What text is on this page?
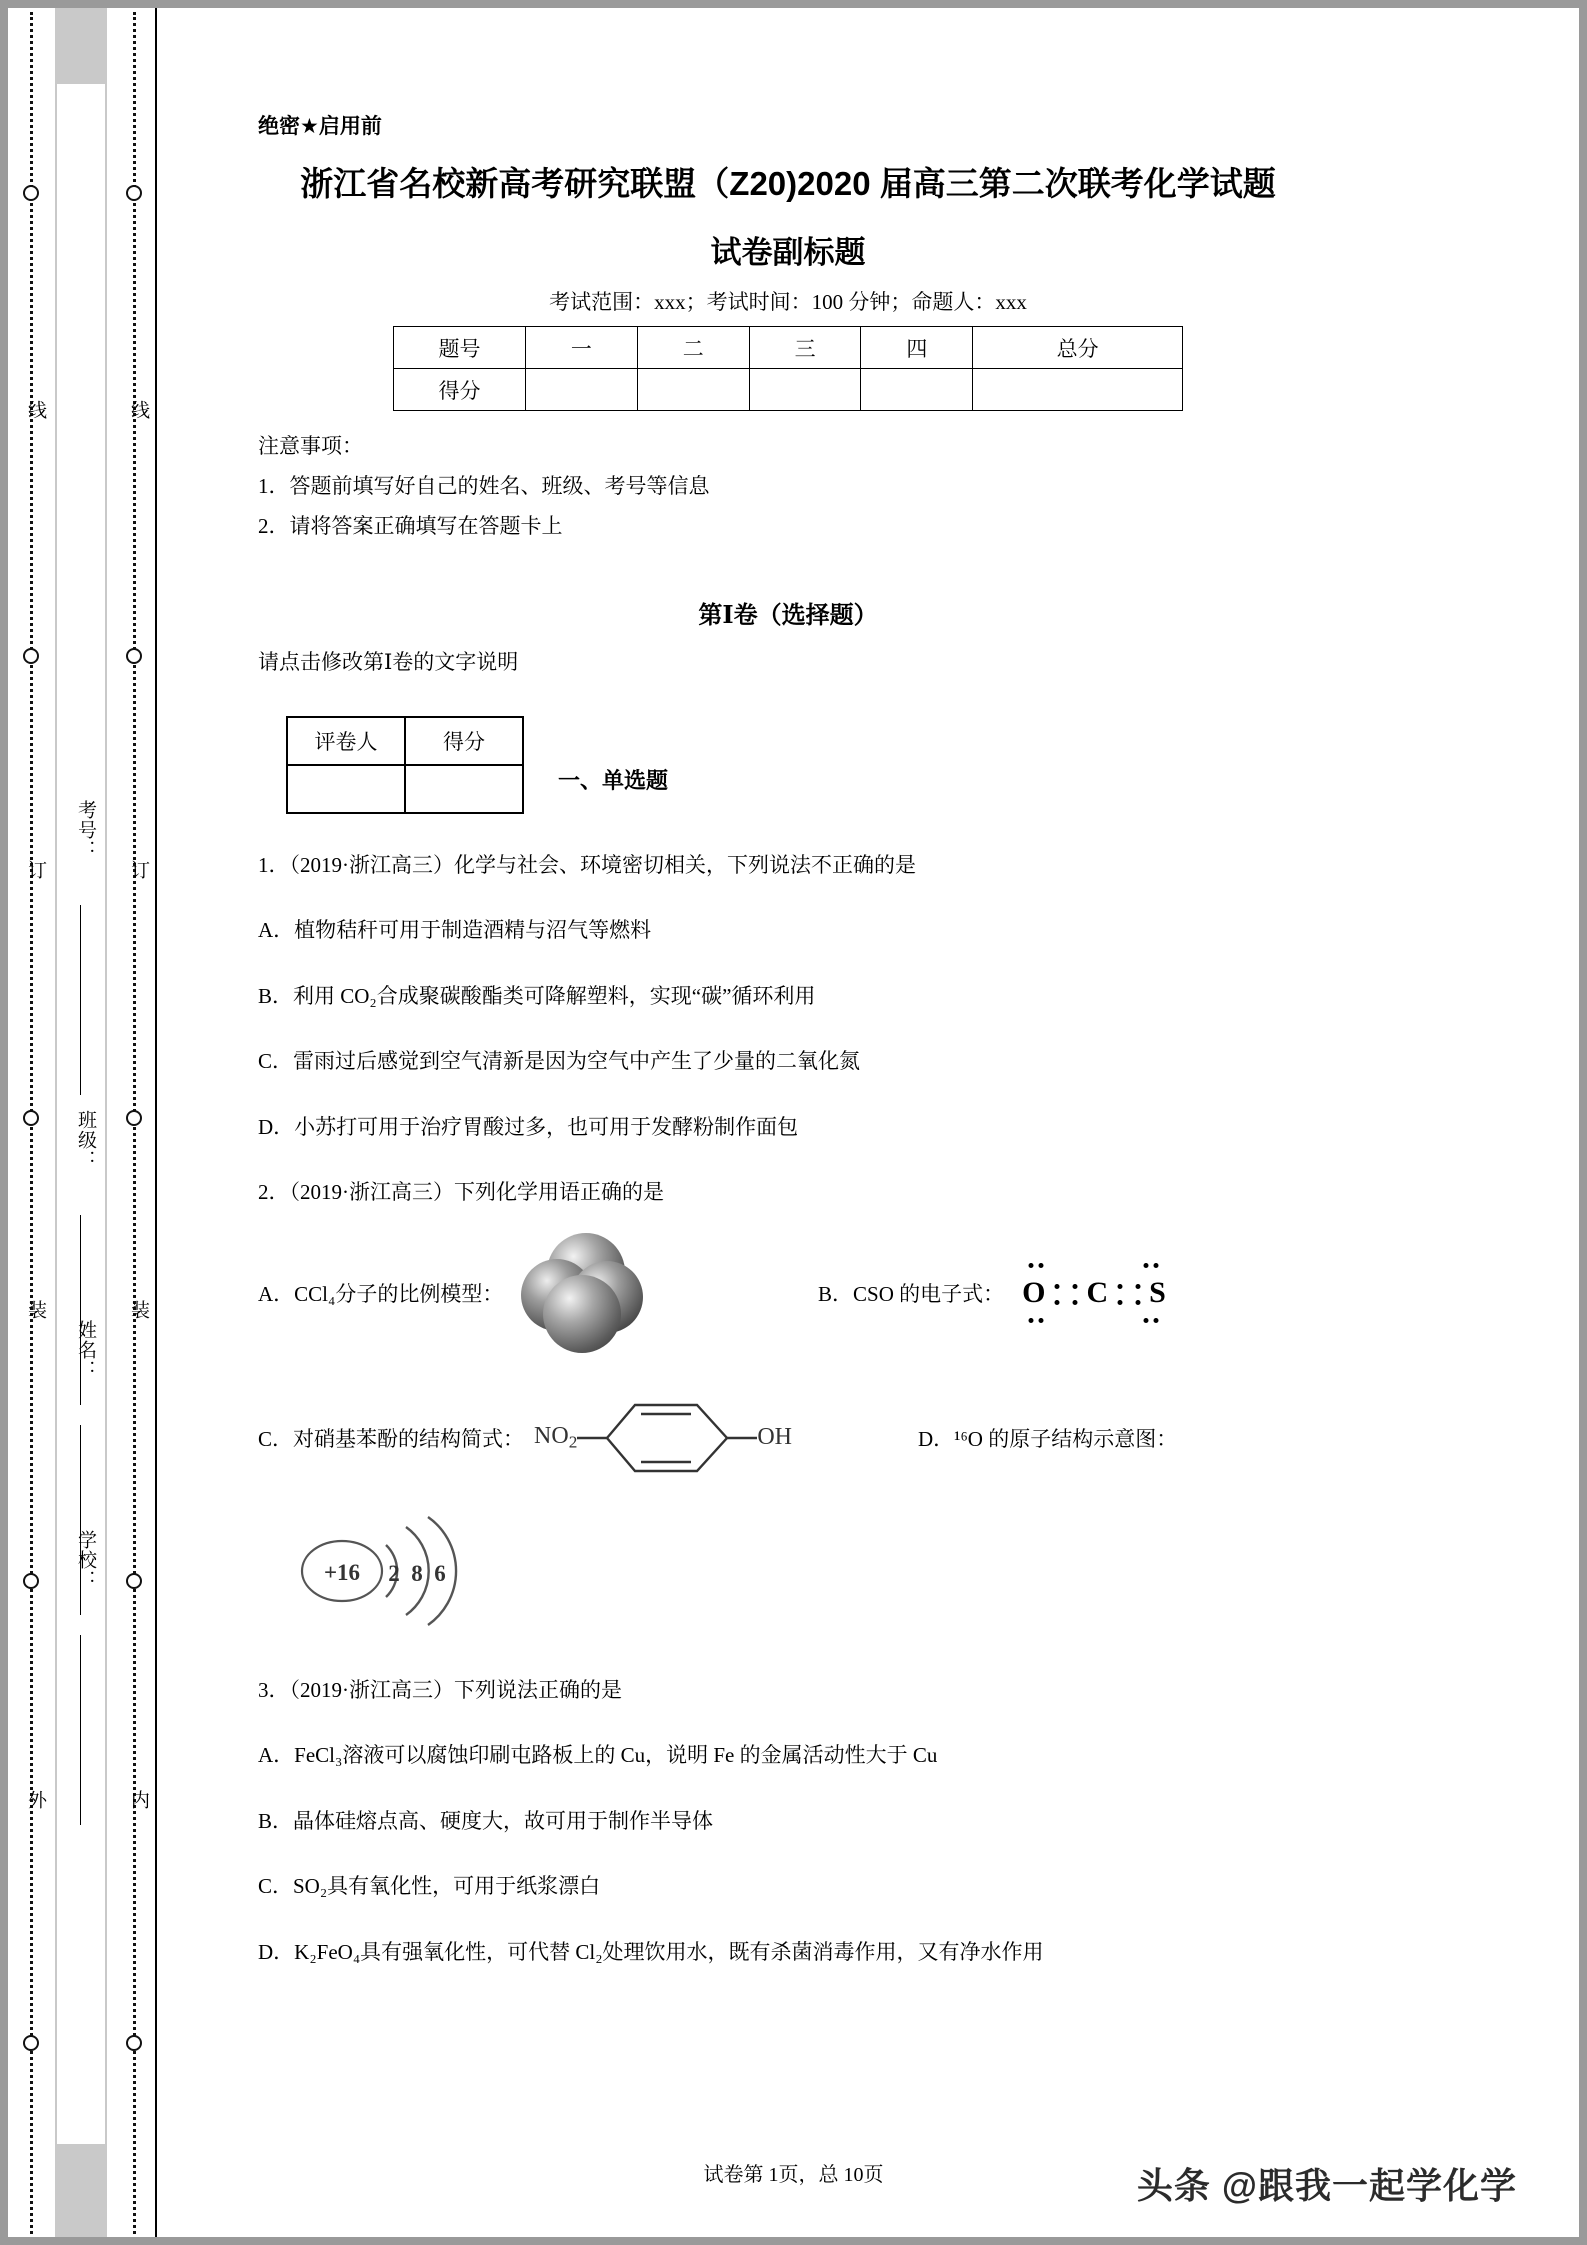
线
订
装
外
线
订
装
内
考号：
班级：
姓名：
学校：
绝密★启用前
浙江省名校新高考研究联盟（Z20)2020 届高三第二次联考化学试题
试卷副标题
考试范围：xxx；考试时间：100 分钟；命题人：xxx
题号	一	二	三	四	总分
得分					
注意事项：
1．答题前填写好自己的姓名、班级、考号等信息
2．请将答案正确填写在答题卡上
第Ⅰ卷（选择题）
请点击修改第Ⅰ卷的文字说明
评卷人	得分

一、单选题
1．（2019·浙江高三）化学与社会、环境密切相关，下列说法不正确的是
A．植物秸秆可用于制造酒精与沼气等燃料
B．利用 CO₂合成聚碳酸酯类可降解塑料，实现“碳”循环利用
C．雷雨过后感觉到空气清新是因为空气中产生了少量的二氧化氮
D．小苏打可用于治疗胃酸过多，也可用于发酵粉制作面包
2．（2019·浙江高三）下列化学用语正确的是
A．CCl₄分子的比例模型：	B．CSO 的电子式： O C S
C．对硝基苯酚的结构简式： $NO_2$	OH	D．¹⁶O 的原子结构示意图：
+16 2 8 6
3．（2019·浙江高三）下列说法正确的是
A．FeCl₃溶液可以腐蚀印刷屯路板上的 Cu，说明 Fe 的金属活动性大于 Cu
B．晶体硅熔点高、硬度大，故可用于制作半导体
C．SO₂具有氧化性，可用于纸浆漂白
D．K₂FeO₄具有强氧化性，可代替 Cl₂处理饮用水，既有杀菌消毒作用，又有净水作用
试卷第 1页，总 10页	头条 @跟我一起学化学
